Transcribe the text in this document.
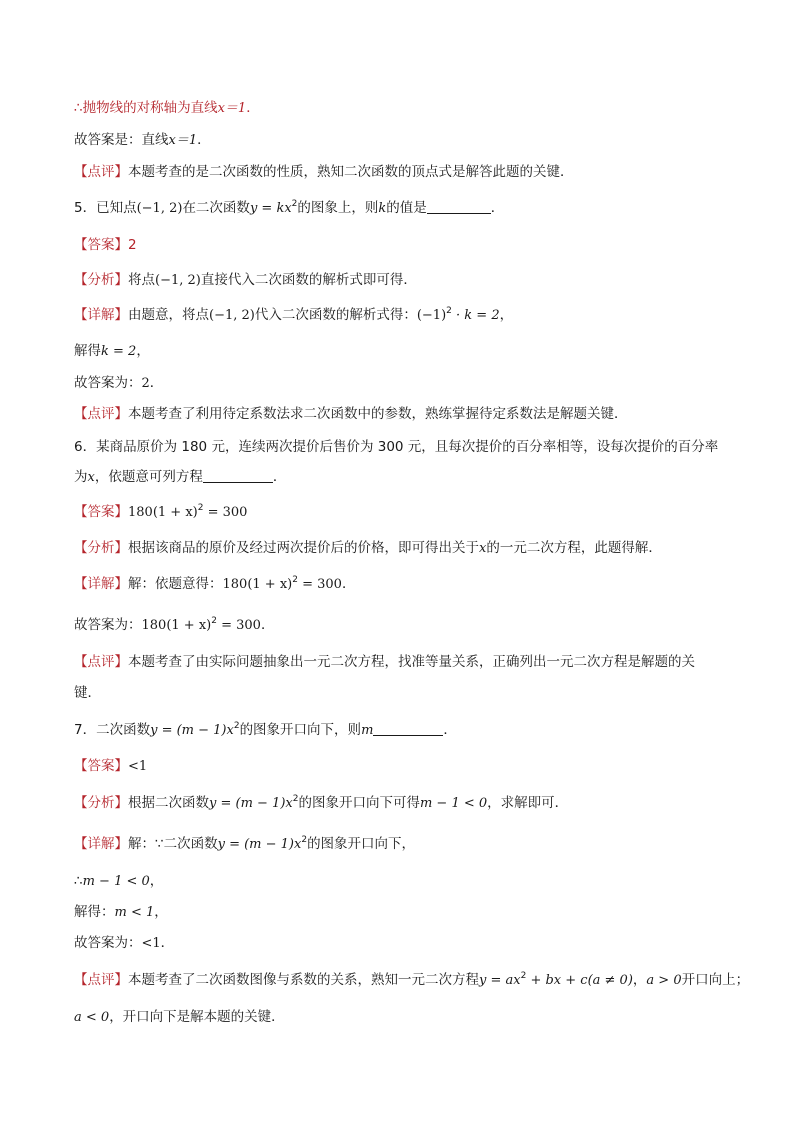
∴抛物线的对称轴为直线x＝1．
故答案是：直线x＝1．
【点评】本题考查的是二次函数的性质，熟知二次函数的顶点式是解答此题的关键．
5．已知点(−1, 2)在二次函数$y = kx^2$的图象上，则k的值是	．
【答案】2
【分析】将点(−1, 2)直接代入二次函数的解析式即可得．
【详解】由题意，将点(−1, 2)代入二次函数的解析式得：$(-1)^2 \cdot k = 2$，
解得k = 2，
故答案为：2．
【点评】本题考查了利用待定系数法求二次函数中的参数，熟练掌握待定系数法是解题关键．
6．某商品原价为 180 元，连续两次提价后售价为 300 元，且每次提价的百分率相等，设每次提价的百分率
为x，依题意可列方程	．
【答案】$180(1 + x)^2 = 300$
【分析】根据该商品的原价及经过两次提价后的价格，即可得出关于x的一元二次方程，此题得解．
【详解】解：依题意得：$180(1 + x)^2 = 300$．
故答案为：$180(1 + x)^2 = 300$．
【点评】本题考查了由实际问题抽象出一元二次方程，找准等量关系，正确列出一元二次方程是解题的关
键．
7．二次函数$y = (m - 1)x^2$的图象开口向下，则m	．
【答案】<1
【分析】根据二次函数$y = (m - 1)x^2$的图象开口向下可得m − 1 < 0，求解即可．
【详解】解：∵二次函数$y = (m - 1)x^2$的图象开口向下，
∴m − 1 < 0，
解得：m < 1，
故答案为：<1．
【点评】本题考查了二次函数图像与系数的关系，熟知一元二次方程$y = ax^2$ + bx + c(a ≠ 0)，a > 0开口向上；
a < 0，开口向下是解本题的关键．
